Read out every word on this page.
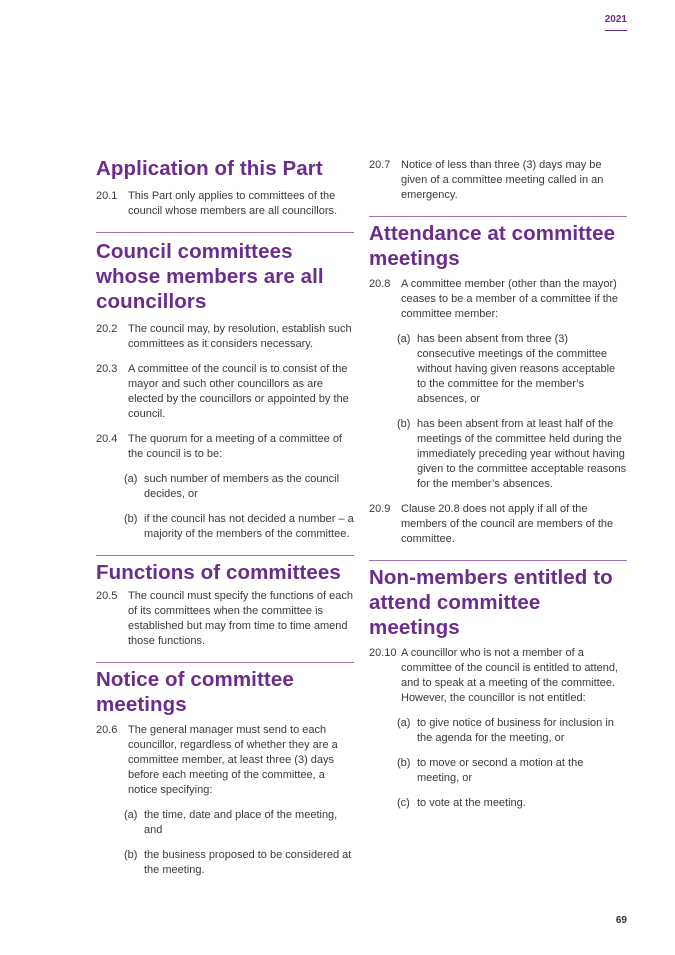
2021
Application of this Part
20.1 This Part only applies to committees of the council whose members are all councillors.
Council committees whose members are all councillors
20.2 The council may, by resolution, establish such committees as it considers necessary.
20.3 A committee of the council is to consist of the mayor and such other councillors as are elected by the councillors or appointed by the council.
20.4 The quorum for a meeting of a committee of the council is to be:
(a) such number of members as the council decides, or
(b) if the council has not decided a number – a majority of the members of the committee.
Functions of committees
20.5 The council must specify the functions of each of its committees when the committee is established but may from time to time amend those functions.
Notice of committee meetings
20.6 The general manager must send to each councillor, regardless of whether they are a committee member, at least three (3) days before each meeting of the committee, a notice specifying:
(a) the time, date and place of the meeting, and
(b) the business proposed to be considered at the meeting.
20.7 Notice of less than three (3) days may be given of a committee meeting called in an emergency.
Attendance at committee meetings
20.8 A committee member (other than the mayor) ceases to be a member of a committee if the committee member:
(a) has been absent from three (3) consecutive meetings of the committee without having given reasons acceptable to the committee for the member’s absences, or
(b) has been absent from at least half of the meetings of the committee held during the immediately preceding year without having given to the committee acceptable reasons for the member’s absences.
20.9 Clause 20.8 does not apply if all of the members of the council are members of the committee.
Non-members entitled to attend committee meetings
20.10 A councillor who is not a member of a committee of the council is entitled to attend, and to speak at a meeting of the committee. However, the councillor is not entitled:
(a) to give notice of business for inclusion in the agenda for the meeting, or
(b) to move or second a motion at the meeting, or
(c) to vote at the meeting.
69
